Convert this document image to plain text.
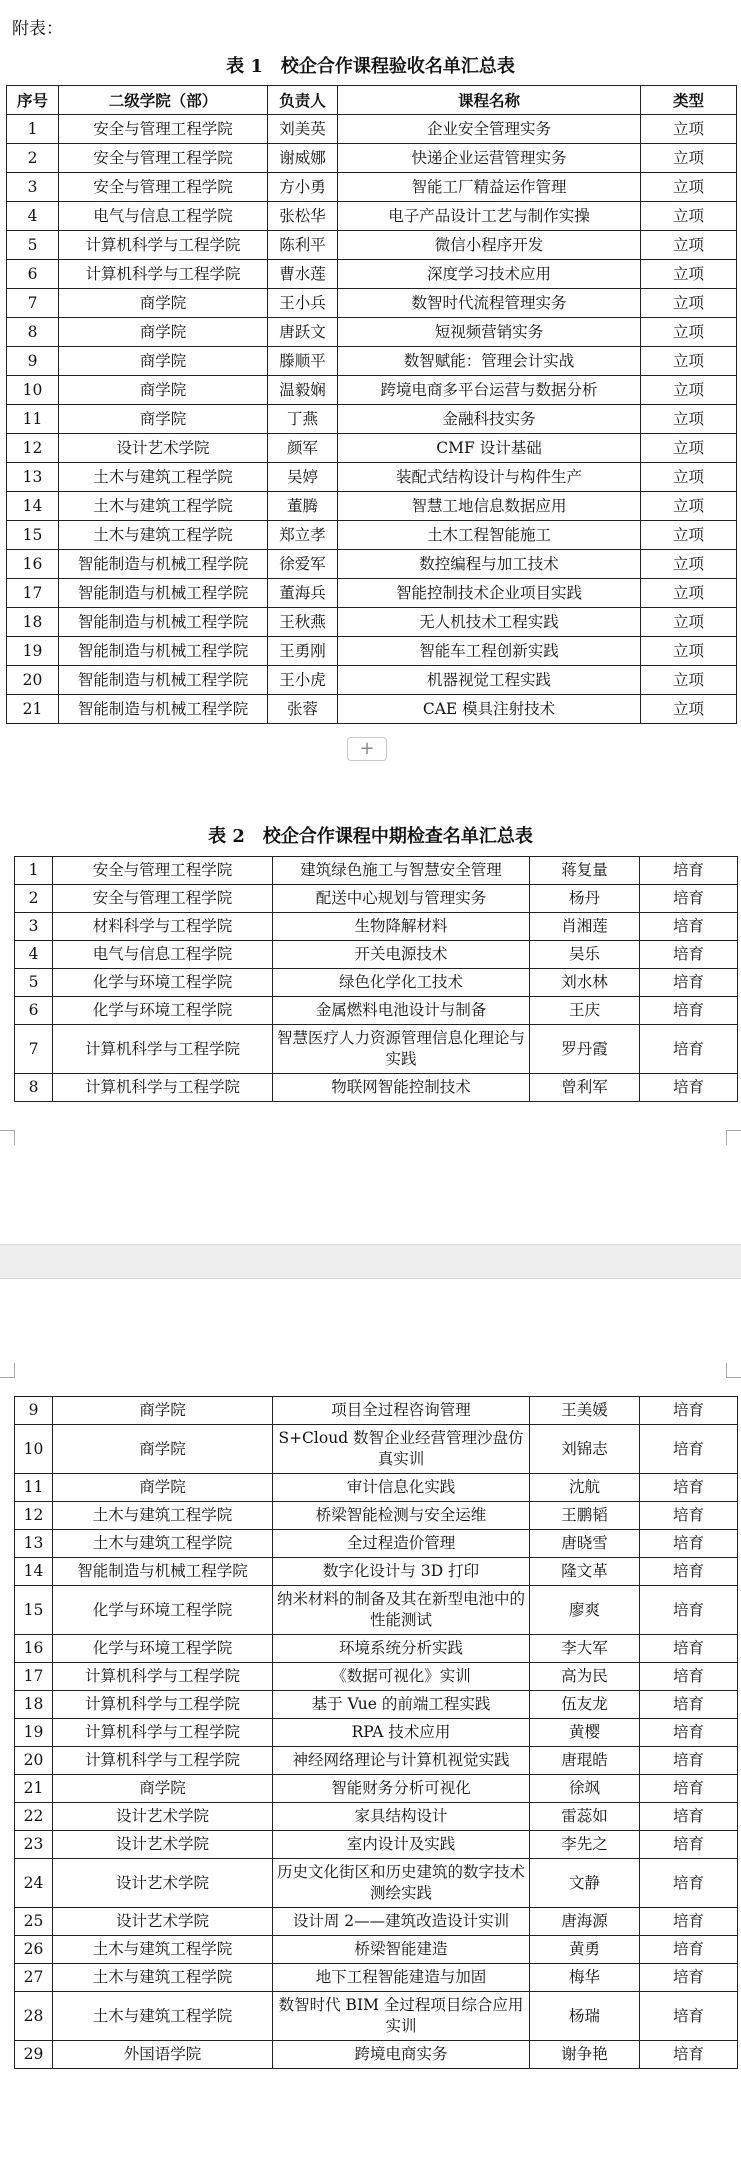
附表：
表 1　校企合作课程验收名单汇总表
序号	二级学院（部）	负责人	课程名称	类型
1	安全与管理工程学院	刘美英	企业安全管理实务	立项
2	安全与管理工程学院	谢威娜	快递企业运营管理实务	立项
3	安全与管理工程学院	方小勇	智能工厂精益运作管理	立项
4	电气与信息工程学院	张松华	电子产品设计工艺与制作实操	立项
5	计算机科学与工程学院	陈利平	微信小程序开发	立项
6	计算机科学与工程学院	曹水莲	深度学习技术应用	立项
7	商学院	王小兵	数智时代流程管理实务	立项
8	商学院	唐跃文	短视频营销实务	立项
9	商学院	滕顺平	数智赋能：管理会计实战	立项
10	商学院	温毅娴	跨境电商多平台运营与数据分析	立项
11	商学院	丁燕	金融科技实务	立项
12	设计艺术学院	颜军	CMF 设计基础	立项
13	土木与建筑工程学院	吴婷	装配式结构设计与构件生产	立项
14	土木与建筑工程学院	董腾	智慧工地信息数据应用	立项
15	土木与建筑工程学院	郑立孝	土木工程智能施工	立项
16	智能制造与机械工程学院	徐爱军	数控编程与加工技术	立项
17	智能制造与机械工程学院	董海兵	智能控制技术企业项目实践	立项
18	智能制造与机械工程学院	王秋燕	无人机技术工程实践	立项
19	智能制造与机械工程学院	王勇刚	智能车工程创新实践	立项
20	智能制造与机械工程学院	王小虎	机器视觉工程实践	立项
21	智能制造与机械工程学院	张蓉	CAE 模具注射技术	立项
+
表 2　校企合作课程中期检查名单汇总表
1	安全与管理工程学院	建筑绿色施工与智慧安全管理	蒋复量	培育
2	安全与管理工程学院	配送中心规划与管理实务	杨丹	培育
3	材料科学与工程学院	生物降解材料	肖湘莲	培育
4	电气与信息工程学院	开关电源技术	吴乐	培育
5	化学与环境工程学院	绿色化学化工技术	刘水林	培育
6	化学与环境工程学院	金属燃料电池设计与制备	王庆	培育
7	计算机科学与工程学院	智慧医疗人力资源管理信息化理论与实践	罗丹霞	培育
8	计算机科学与工程学院	物联网智能控制技术	曾利军	培育
9	商学院	项目全过程咨询管理	王美媛	培育
10	商学院	S+Cloud 数智企业经营管理沙盘仿真实训	刘锦志	培育
11	商学院	审计信息化实践	沈航	培育
12	土木与建筑工程学院	桥梁智能检测与安全运维	王鹏韬	培育
13	土木与建筑工程学院	全过程造价管理	唐晓雪	培育
14	智能制造与机械工程学院	数字化设计与 3D 打印	隆文革	培育
15	化学与环境工程学院	纳米材料的制备及其在新型电池中的性能测试	廖爽	培育
16	化学与环境工程学院	环境系统分析实践	李大军	培育
17	计算机科学与工程学院	《数据可视化》实训	高为民	培育
18	计算机科学与工程学院	基于 Vue 的前端工程实践	伍友龙	培育
19	计算机科学与工程学院	RPA 技术应用	黄樱	培育
20	计算机科学与工程学院	神经网络理论与计算机视觉实践	唐琨皓	培育
21	商学院	智能财务分析可视化	徐飒	培育
22	设计艺术学院	家具结构设计	雷蕊如	培育
23	设计艺术学院	室内设计及实践	李先之	培育
24	设计艺术学院	历史文化街区和历史建筑的数字技术测绘实践	文静	培育
25	设计艺术学院	设计周 2——建筑改造设计实训	唐海源	培育
26	土木与建筑工程学院	桥梁智能建造	黄勇	培育
27	土木与建筑工程学院	地下工程智能建造与加固	梅华	培育
28	土木与建筑工程学院	数智时代 BIM 全过程项目综合应用实训	杨瑞	培育
29	外国语学院	跨境电商实务	谢争艳	培育
